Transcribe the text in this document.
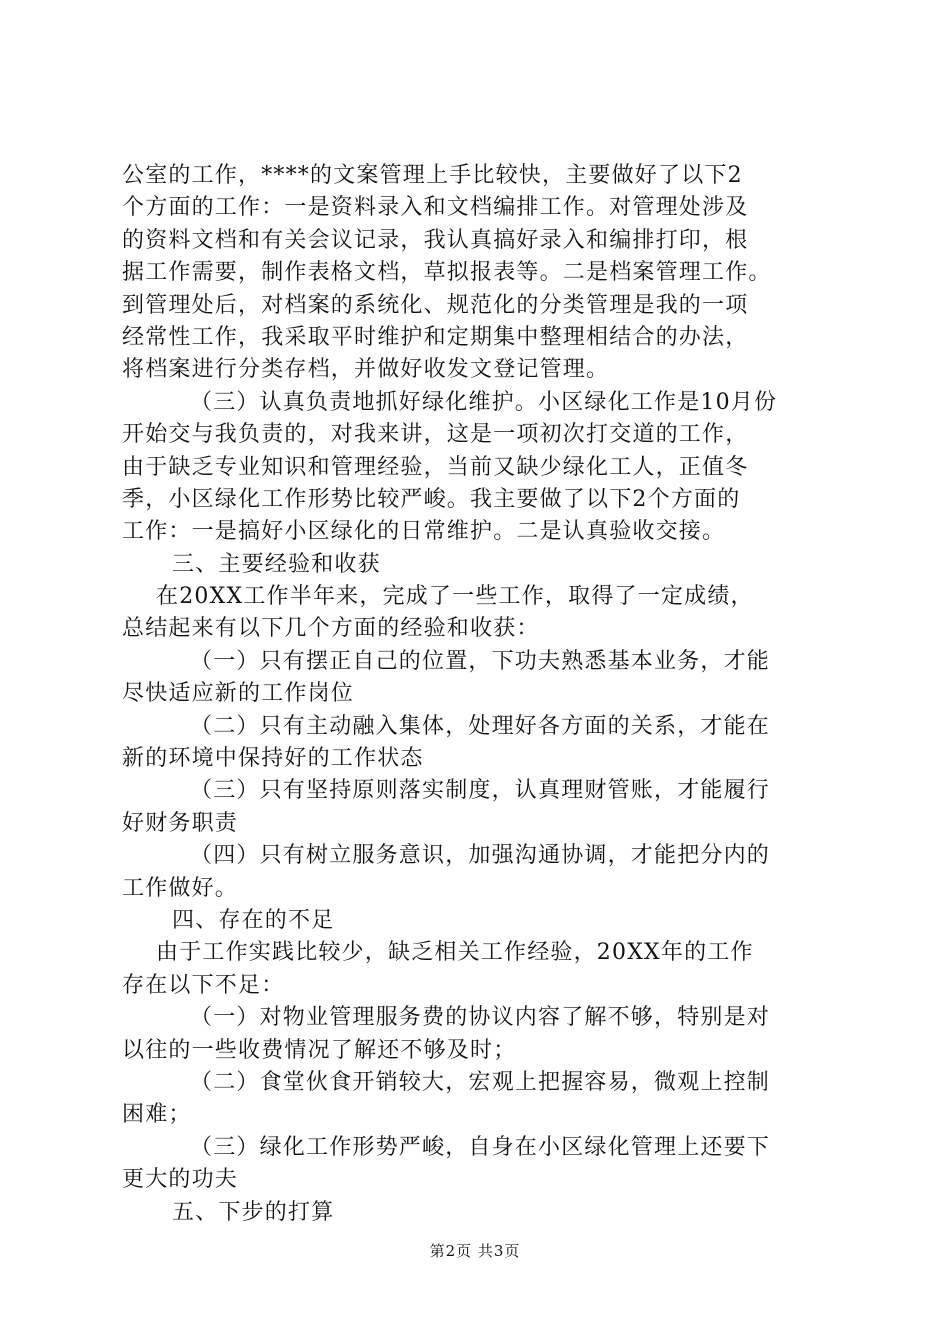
公室的工作，****的文案管理上手比较快，主要做好了以下2
个方面的工作：一是资料录入和文档编排工作。对管理处涉及
的资料文档和有关会议记录，我认真搞好录入和编排打印，根
据工作需要，制作表格文档，草拟报表等。二是档案管理工作。
到管理处后，对档案的系统化、规范化的分类管理是我的一项
经常性工作，我采取平时维护和定期集中整理相结合的办法，
将档案进行分类存档，并做好收发文登记管理。
（三）认真负责地抓好绿化维护。小区绿化工作是10月份
开始交与我负责的，对我来讲，这是一项初次打交道的工作，
由于缺乏专业知识和管理经验，当前又缺少绿化工人，正值冬
季，小区绿化工作形势比较严峻。我主要做了以下2个方面的
工作：一是搞好小区绿化的日常维护。二是认真验收交接。
三、主要经验和收获
在20XX工作半年来，完成了一些工作，取得了一定成绩，
总结起来有以下几个方面的经验和收获：
（一）只有摆正自己的位置，下功夫熟悉基本业务，才能
尽快适应新的工作岗位
（二）只有主动融入集体，处理好各方面的关系，才能在
新的环境中保持好的工作状态
（三）只有坚持原则落实制度，认真理财管账，才能履行
好财务职责
（四）只有树立服务意识，加强沟通协调，才能把分内的
工作做好。
四、存在的不足
由于工作实践比较少，缺乏相关工作经验，20XX年的工作
存在以下不足：
（一）对物业管理服务费的协议内容了解不够，特别是对
以往的一些收费情况了解还不够及时；
（二）食堂伙食开销较大，宏观上把握容易，微观上控制
困难；
（三）绿化工作形势严峻，自身在小区绿化管理上还要下
更大的功夫
五、下步的打算
第2页 共3页
